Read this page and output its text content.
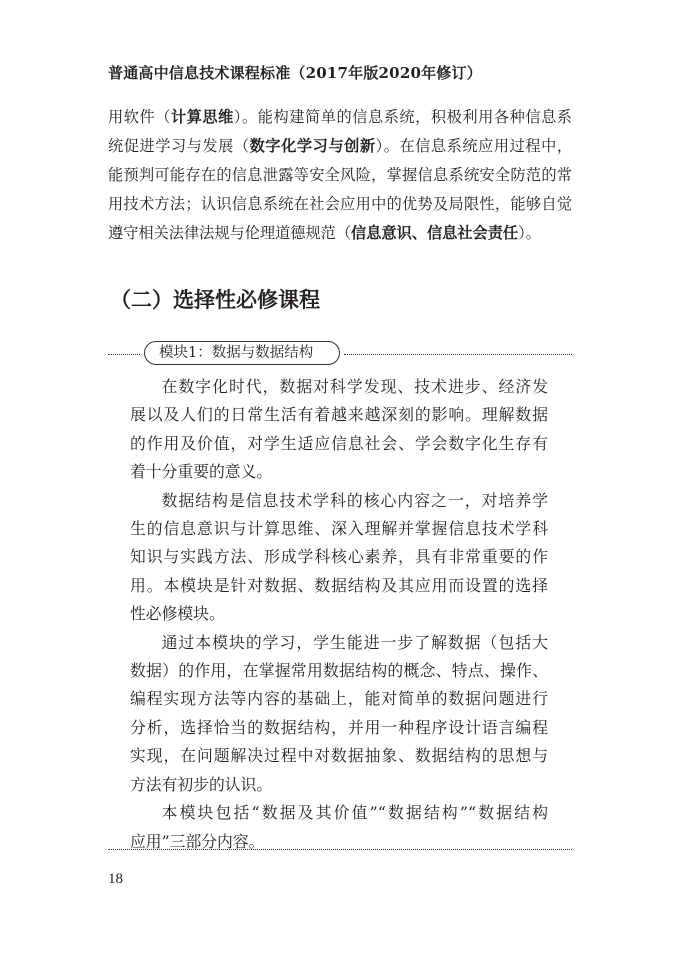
普通高中信息技术课程标准（2017年版2020年修订）

用软件（计算思维）。能构建简单的信息系统，积极利用各种信息系

统促进学习与发展（数字化学习与创新）。在信息系统应用过程中，

能预判可能存在的信息泄露等安全风险，掌握信息系统安全防范的常

用技术方法；认识信息系统在社会应用中的优势及局限性，能够自觉

遵守相关法律法规与伦理道德规范（信息意识、信息社会责任）。

（二）选择性必修课程
模块1：数据与数据结构

在数字化时代，数据对科学发现、技术进步、经济发

展以及人们的日常生活有着越来越深刻的影响。理解数据

的作用及价值，对学生适应信息社会、学会数字化生存有

着十分重要的意义。

数据结构是信息技术学科的核心内容之一，对培养学

生的信息意识与计算思维、深入理解并掌握信息技术学科

知识与实践方法、形成学科核心素养，具有非常重要的作

用。本模块是针对数据、数据结构及其应用而设置的选择

性必修模块。

通过本模块的学习，学生能进一步了解数据（包括大

数据）的作用，在掌握常用数据结构的概念、特点、操作、

编程实现方法等内容的基础上，能对简单的数据问题进行

分析，选择恰当的数据结构，并用一种程序设计语言编程

实现，在问题解决过程中对数据抽象、数据结构的思想与

方法有初步的认识。

本模块包括“数据及其价值”“数据结构”“数据结构

应用”三部分内容。

18
